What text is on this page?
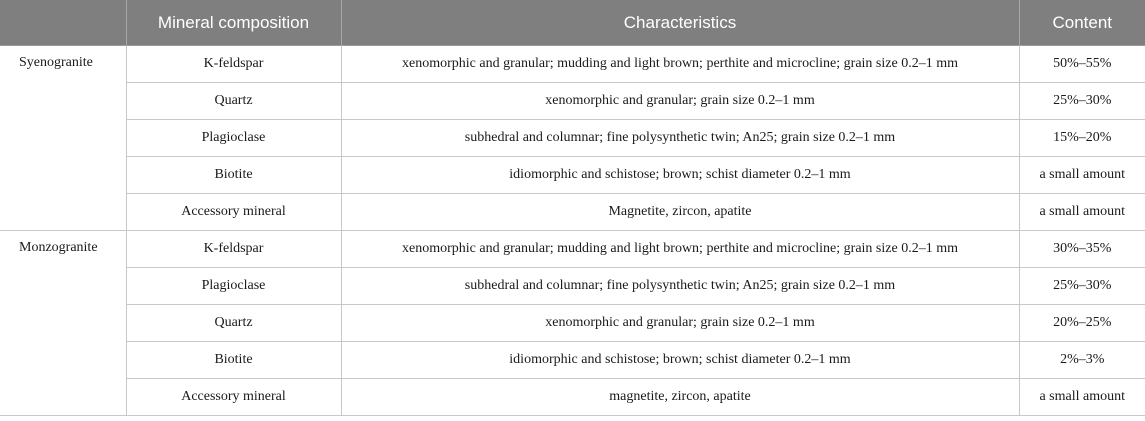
	Mineral composition	Characteristics	Content
Syenogranite	K-feldspar	xenomorphic and granular; mudding and light brown; perthite and microcline; grain size 0.2–1 mm	50%–55%
	Quartz	xenomorphic and granular; grain size 0.2–1 mm	25%–30%
	Plagioclase	subhedral and columnar; fine polysynthetic twin; An25; grain size 0.2–1 mm	15%–20%
	Biotite	idiomorphic and schistose; brown; schist diameter 0.2–1 mm	a small amount
	Accessory mineral	Magnetite, zircon, apatite	a small amount
Monzogranite	K-feldspar	xenomorphic and granular; mudding and light brown; perthite and microcline; grain size 0.2–1 mm	30%–35%
	Plagioclase	subhedral and columnar; fine polysynthetic twin; An25; grain size 0.2–1 mm	25%–30%
	Quartz	xenomorphic and granular; grain size 0.2–1 mm	20%–25%
	Biotite	idiomorphic and schistose; brown; schist diameter 0.2–1 mm	2%–3%
	Accessory mineral	magnetite, zircon, apatite	a small amount
